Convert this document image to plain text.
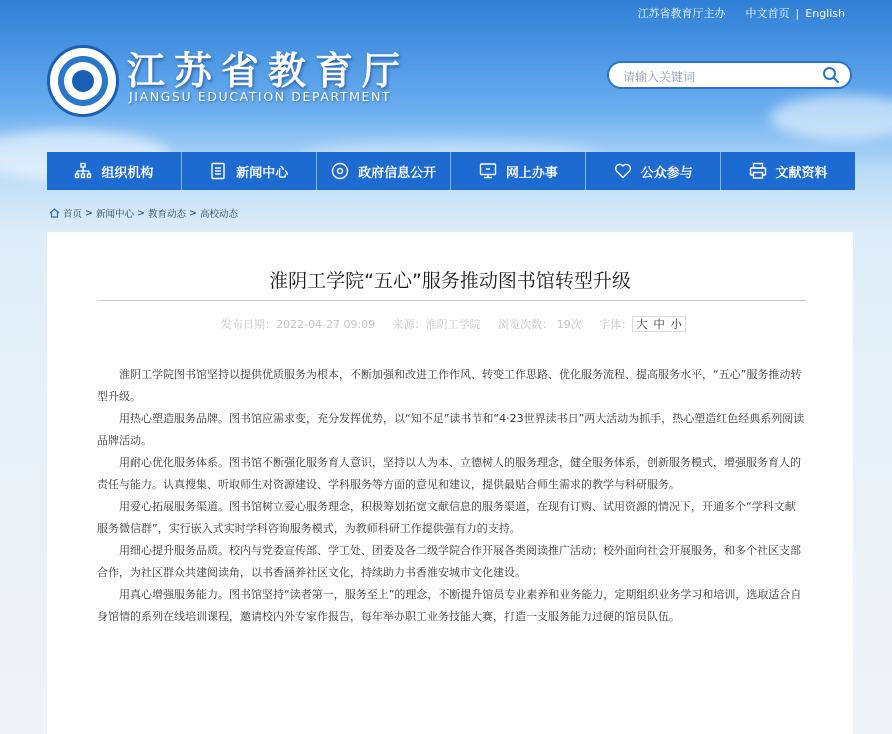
江苏省教育厅主办 中文首页 | English
江苏省教育厅
JIANGSU EDUCATION DEPARTMENT
请输入关键词
组织机构	新闻中心	政府信息公开	网上办事	公众参与	文献资料
首页 > 新闻中心 > 教育动态 > 高校动态
淮阴工学院“五心”服务推动图书馆转型升级
发布日期：2022-04-27 09:09 来源：淮阴工学院 浏览次数： 19次 字体： 大 中 小

淮阴工学院图书馆坚持以提供优质服务为根本，不断加强和改进工作作风、转变工作思路、优化服务流程、提高服务水平，“五心”服务推动转型升级。

用热心塑造服务品牌。图书馆应需求变，充分发挥优势，以“知不足”读书节和“4·23世界读书日”两大活动为抓手，热心塑造红色经典系列阅读品牌活动。

用耐心优化服务体系。图书馆不断强化服务育人意识，坚持以人为本、立德树人的服务理念，健全服务体系，创新服务模式，增强服务育人的责任与能力。认真搜集、听取师生对资源建设、学科服务等方面的意见和建议，提供最贴合师生需求的教学与科研服务。

用爱心拓展服务渠道。图书馆树立爱心服务理念，积极筹划拓宽文献信息的服务渠道，在现有订购、试用资源的情况下，开通多个“学科文献服务微信群”，实行嵌入式实时学科咨询服务模式，为教师科研工作提供强有力的支持。

用细心提升服务品质。校内与党委宣传部、学工处、团委及各二级学院合作开展各类阅读推广活动；校外面向社会开展服务，和多个社区支部合作，为社区群众共建阅读角，以书香涵养社区文化，持续助力书香淮安城市文化建设。

用真心增强服务能力。图书馆坚持“读者第一，服务至上”的理念，不断提升馆员专业素养和业务能力，定期组织业务学习和培训，选取适合自身馆情的系列在线培训课程，邀请校内外专家作报告，每年举办职工业务技能大赛，打造一支服务能力过硬的馆员队伍。
